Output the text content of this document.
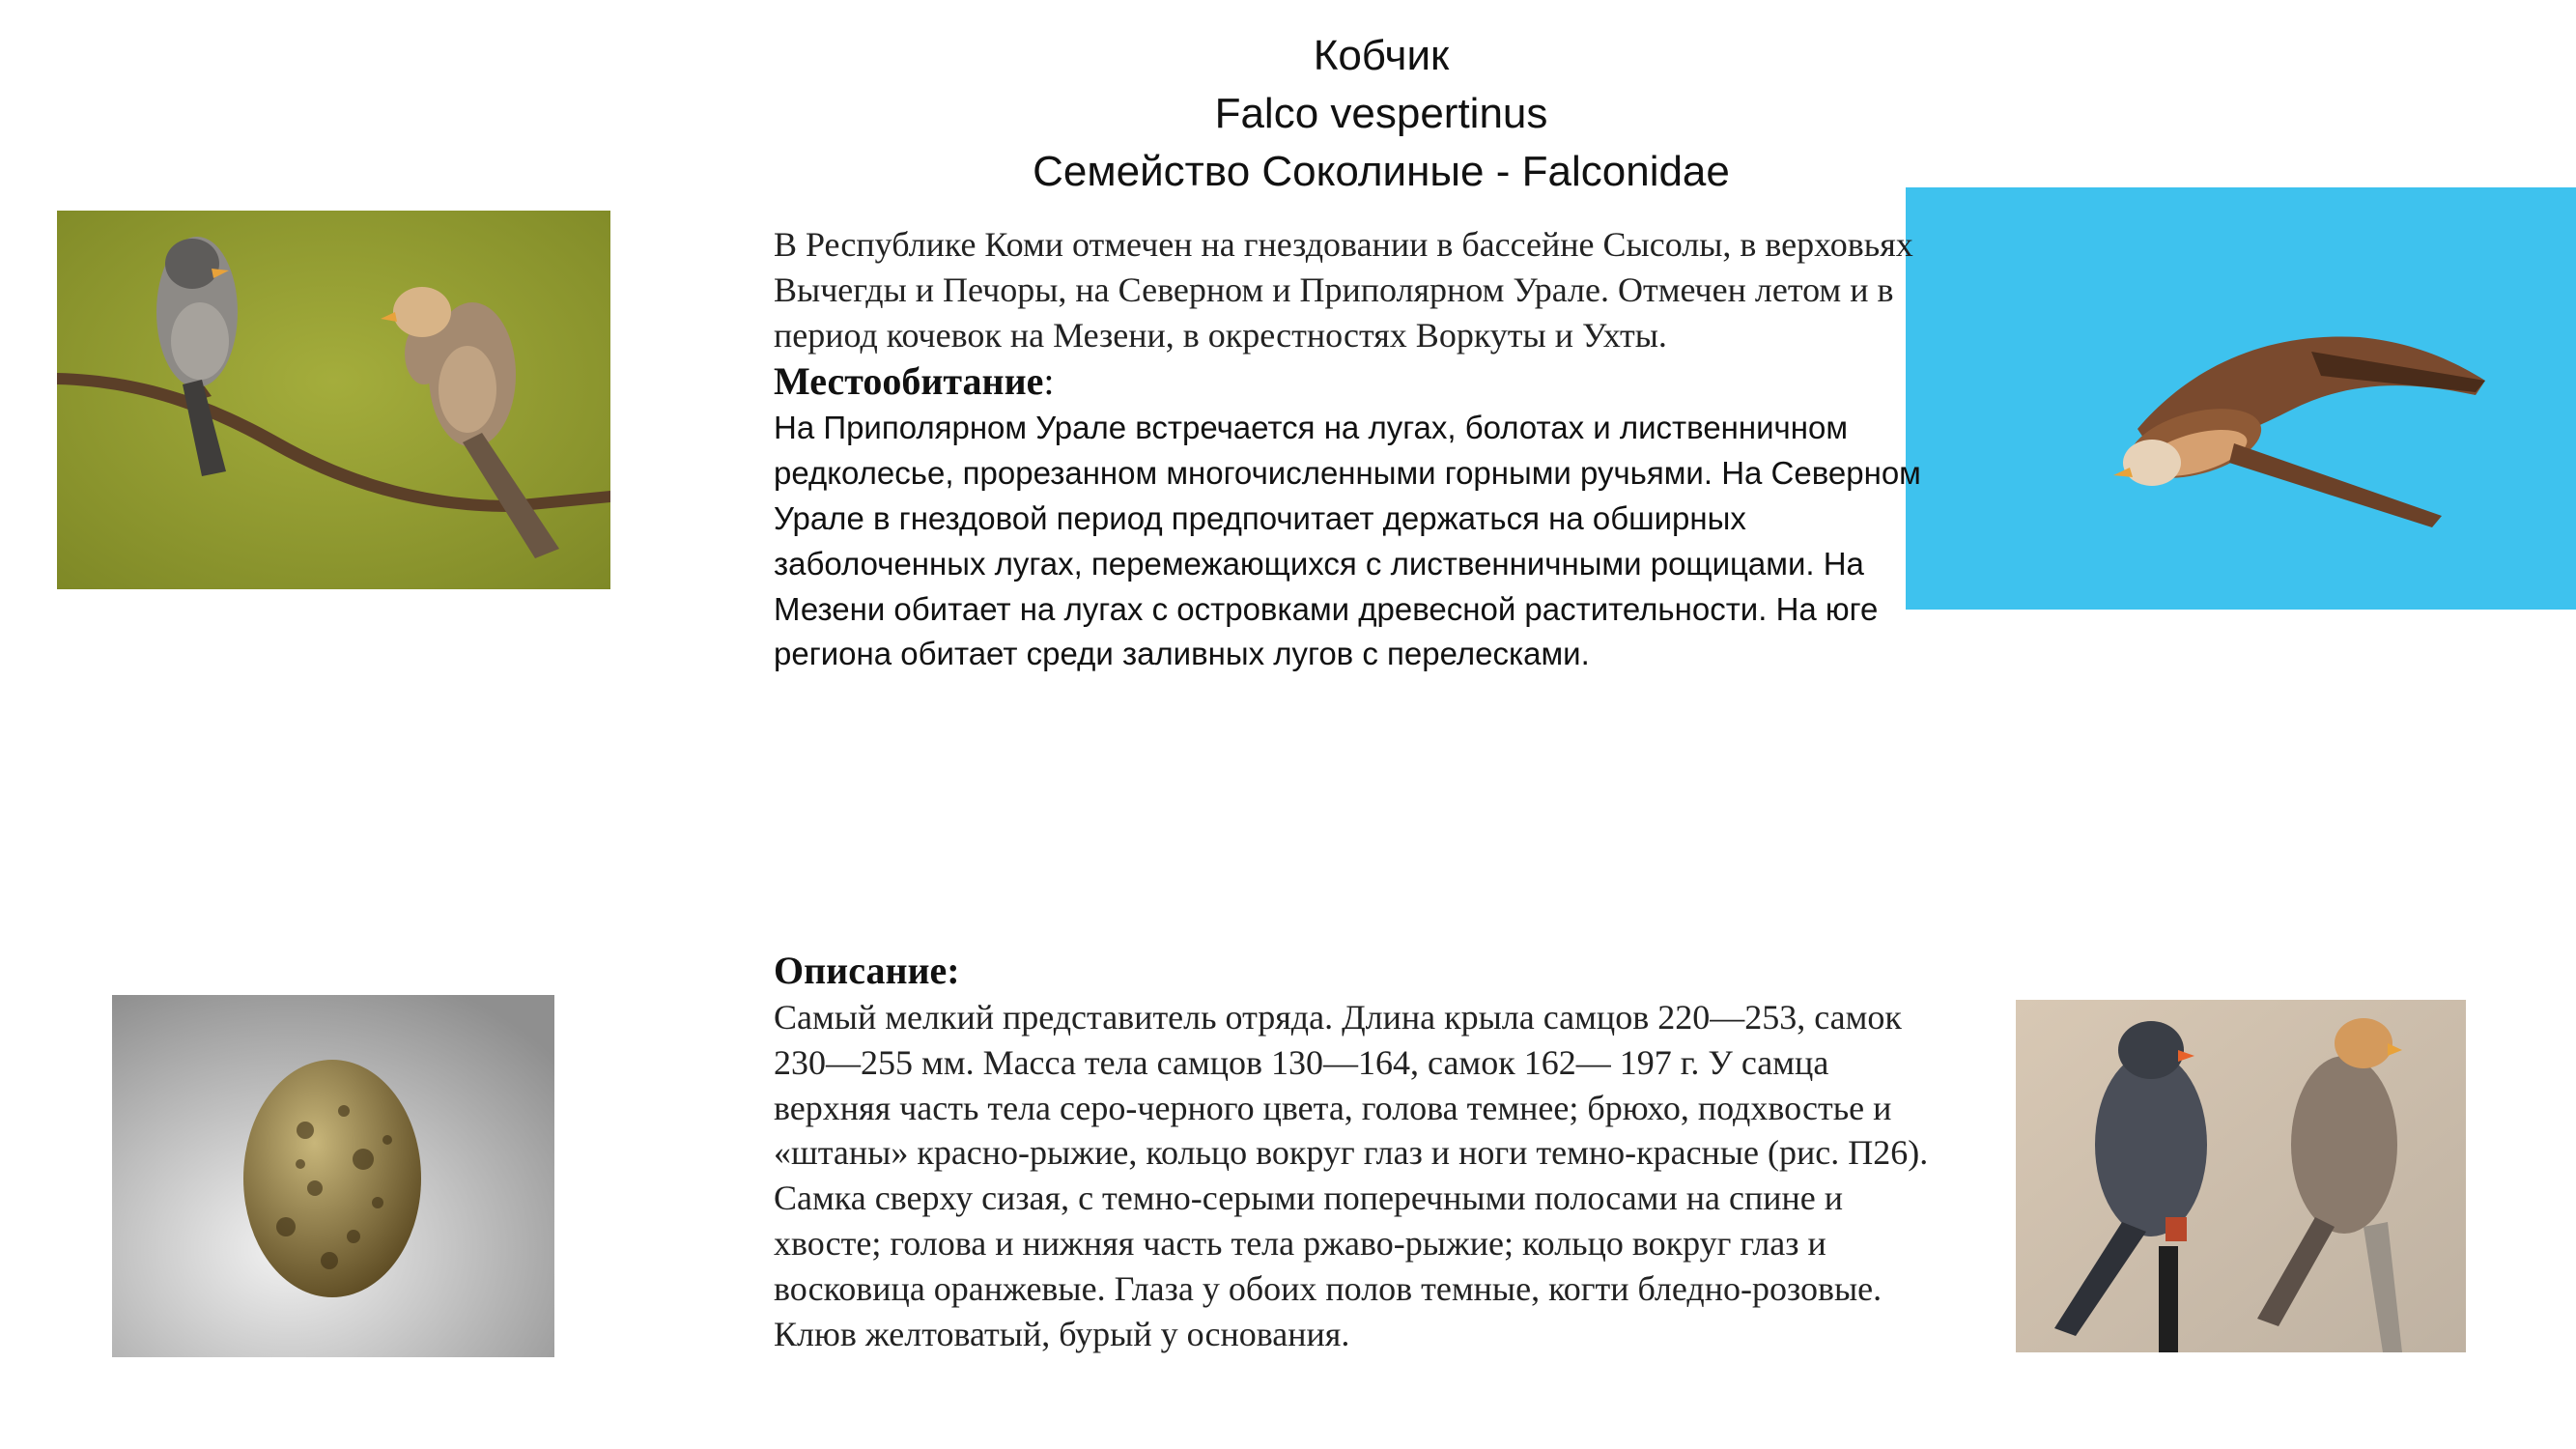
Кобчик
Falco vespertinus
Семейство Соколиные - Falconidae

В Республике Коми отмечен на гнездовании в бассейне Сысолы, в верховьях Вычегды и Печоры, на Северном и Приполярном Урале. Отмечен летом и в период кочевок на Мезени, в окрестностях Воркуты и Ухты.

Местообитание:

На Приполярном Урале встречается на лугах, болотах и лиственничном редколесье, прорезанном многочисленными горными ручьями. На Северном Урале в гнездовой период предпочитает держаться на обширных заболоченных лугах, перемежающихся с лиственничными рощицами. На Мезени обитает на лугах с островками древесной растительности. На юге региона обитает среди заливных лугов с перелесками.

Описание:

Самый мелкий представитель отряда. Длина крыла самцов 220—253, самок 230—255 мм. Масса тела самцов 130—164, самок 162— 197 г. У самца верхняя часть тела серо-черного цвета, голова темнее; брюхо, подхвостье и «штаны» красно-рыжие, кольцо вокруг глаз и ноги темно-красные (рис. П26). Самка сверху сизая, с темно-серыми поперечными полосами на спине и хвосте; голова и нижняя часть тела ржаво-рыжие; кольцо вокруг глаз и восковица оранжевые. Глаза у обоих полов темные, когти бледно-розовые. Клюв желтоватый, бурый у основания.
